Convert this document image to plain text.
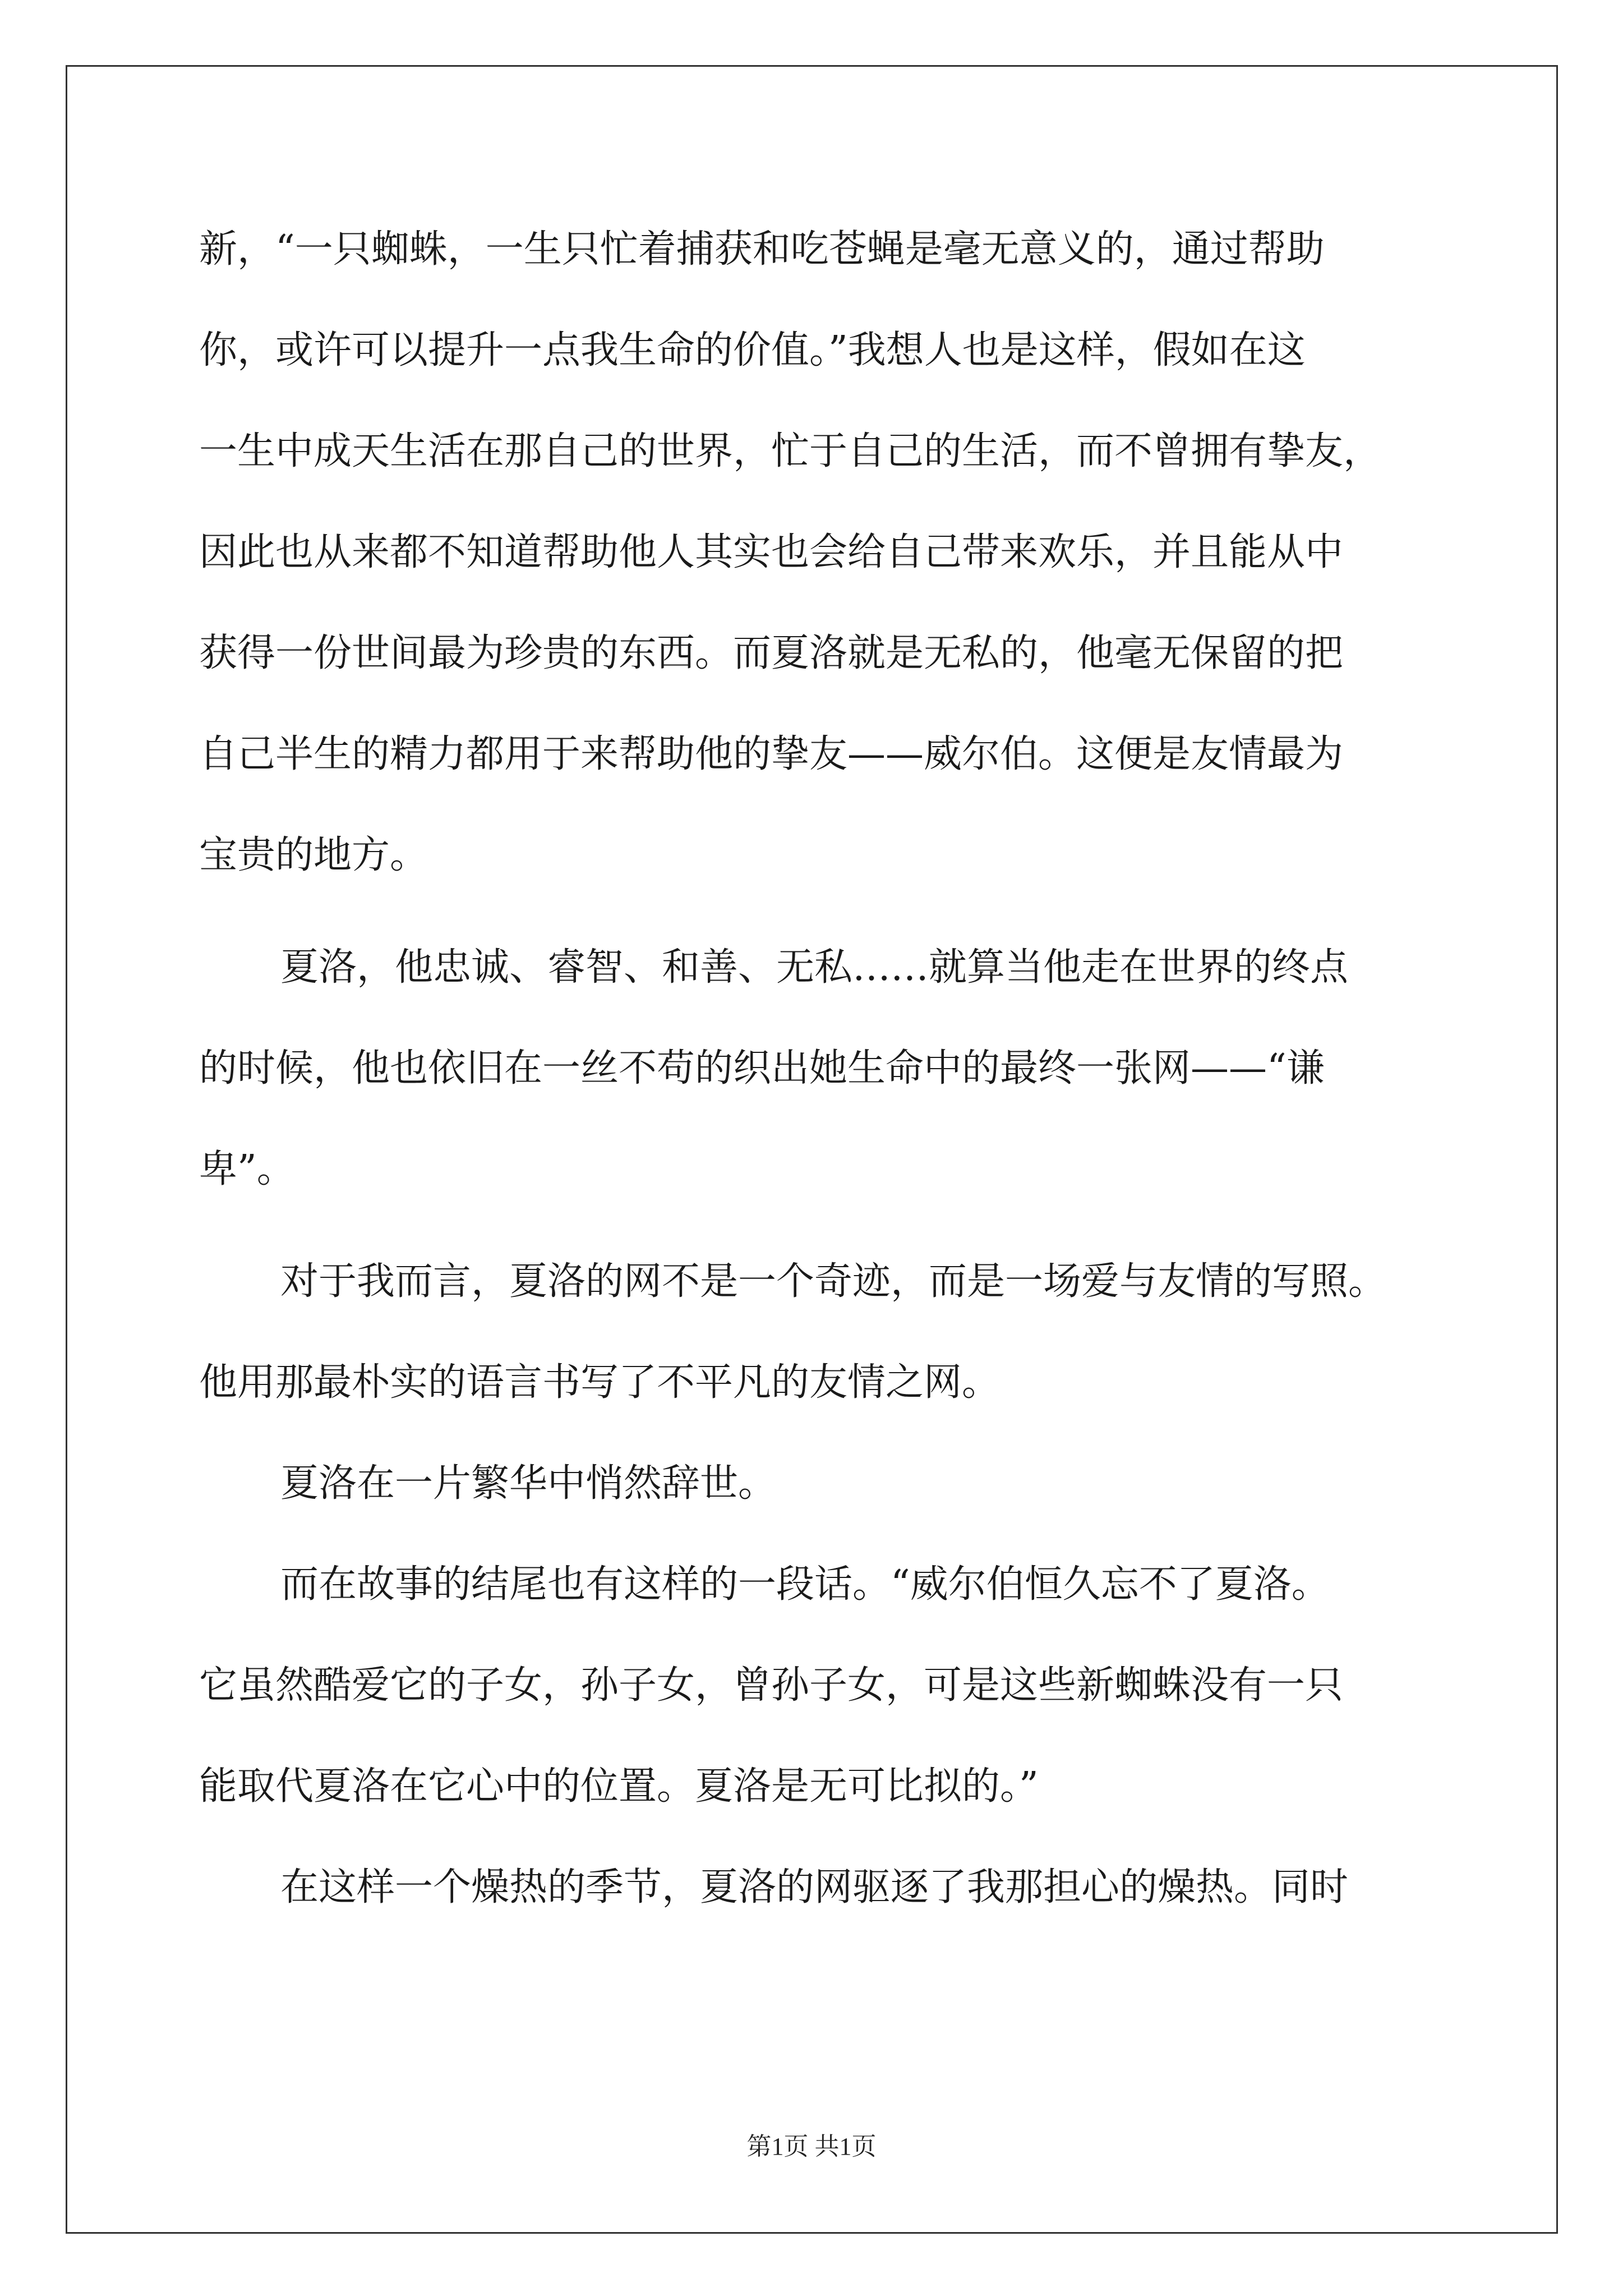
新，“一只蜘蛛，一生只忙着捕获和吃苍蝇是毫无意义的，通过帮助

你，或许可以提升一点我生命的价值。”我想人也是这样，假如在这

一生中成天生活在那自己的世界，忙于自己的生活，而不曾拥有挚友，

因此也从来都不知道帮助他人其实也会给自己带来欢乐，并且能从中

获得一份世间最为珍贵的东西。而夏洛就是无私的，他毫无保留的把

自己半生的精力都用于来帮助他的挚友——威尔伯。这便是友情最为

宝贵的地方。

夏洛，他忠诚、睿智、和善、无私……就算当他走在世界的终点

的时候，他也依旧在一丝不苟的织出她生命中的最终一张网——“谦

卑”。

对于我而言，夏洛的网不是一个奇迹，而是一场爱与友情的写照。

他用那最朴实的语言书写了不平凡的友情之网。

夏洛在一片繁华中悄然辞世。

而在故事的结尾也有这样的一段话。“威尔伯恒久忘不了夏洛。

它虽然酷爱它的子女，孙子女，曾孙子女，可是这些新蜘蛛没有一只

能取代夏洛在它心中的位置。夏洛是无可比拟的。”

在这样一个燥热的季节，夏洛的网驱逐了我那担心的燥热。同时

第1页 共1页
